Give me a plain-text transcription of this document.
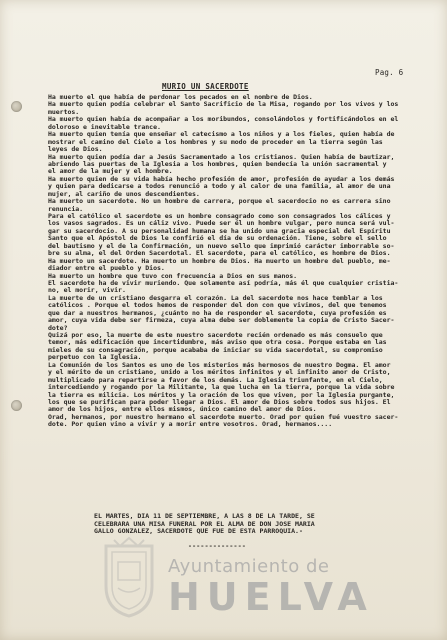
Pag. 6
MURIO UN SACERDOTE
Ha muerto el que había de perdonar los pecados en el nombre de Dios.
Ha muerto quien podía celebrar el Santo Sacrificio de la Misa, rogando por los vivos y los
muertos.
Ha muerto quien había de acompañar a los moribundos, consolándolos y fortificándolos en el
doloroso e inevitable trance.
Ha muerto quien tenía que enseñar el catecismo a los niños y a los fieles, quien había de
mostrar el camino del Cielo a los hombres y su modo de proceder en la tierra según las
leyes de Dios.
Ha muerto quien podía dar a Jesús Sacramentado a los cristianos. Quien había de bautizar,
abriendo las puertas de la Iglesia a los hombres, quien bendecía la unión sacramental y
el amor de la mujer y el hombre.
Ha muerto quien de su vida había hecho profesión de amor, profesión de ayudar a los demás
y quien para dedicarse a todos renunció a todo y al calor de una familia, al amor de una
mujer, al cariño de unos descendientes.
Ha muerto un sacerdote. No un hombre de carrera, porque el sacerdocio no es carrera sino
renuncia.
Para el católico el sacerdote es un hombre consagrado como son consagrados los cálices y
los vasos sagrados. Es un cáliz vivo. Puede ser él un hombre vulgar, pero nunca será vul-
gar su sacerdocio. A su personalidad humana se ha unido una gracia especial del Espíritu
Santo que el Apóstol de Dios le confirió el día de su ordenación. Tiene, sobre el sello
del bautismo y el de la Confirmación, un nuevo sello que imprimió carácter imborrable so-
bre su alma, el del Orden Sacerdotal. El sacerdote, para el católico, es hombre de Dios.
Ha muerto un sacerdote. Ha muerto un hombre de Dios. Ha muerto un hombre del pueblo, me-
diador entre el pueblo y Dios.
Ha muerto un hombre que tuvo con frecuencia a Dios en sus manos.
El sacerdote ha de vivir muriendo. Que solamente así podría, más él que cualquier cristia-
no, el morir, vivir.
La muerte de un cristiano desgarra el corazón. La del sacerdote nos hace temblar a los
católicos . Porque el todos hemos de responder del don con que vivimos, del que tenemos
que dar a nuestros hermanos, ¿cuánto no ha de responder el sacerdote, cuya profesión es
amor, cuya vida debe ser firmeza, cuya alma debe ser doblemente la copia de Cristo Sacer-
dote?
Quizá por eso, la muerte de este nuestro sacerdote recién ordenado es más consuelo que
temor, más edificación que incertidumbre, más aviso que otra cosa. Porque estaba en las
mieles de su consagración, porque acababa de iniciar su vida sacerdotal, su compromiso
perpetuo con la Iglesia.
La Comunión de los Santos es uno de los misterios más hermosos de nuestro Dogma. El amor
y el mérito de un cristiano, unido a los méritos infinitos y el infinito amor de Cristo,
multiplicado para repartirse a favor de los demás. La Iglesia triunfante, en el Cielo,
intercediendo y rogando por la Militante, la que lucha en la tierra, porque la vida sobre
la tierra es milicia. Los méritos y la oración de los que viven, por la Iglesia purgante,
los que se purifican para poder llegar a Dios. El amor de Dios sobre todos sus hijos. El
amor de los hijos, entre ellos mismos, único camino del amor de Dios.
Orad, hermanos, por nuestro hermano el sacerdote muerto. Orad por quien fué vuestro sacer-
dote. Por quien vino a vivir y a morir entre vosotros. Orad, hermanos....
EL MARTES, DIA 11 DE SEPTIEMBRE, A LAS 8 DE LA TARDE, SE
CELEBRARA UNA MISA FUNERAL POR EL ALMA DE DON JOSE MARIA
GALLO GONZALEZ, SACERDOTE QUE FUE DE ESTA PARROQUIA.-
--------------
Ayuntamiento de
HUELVA
